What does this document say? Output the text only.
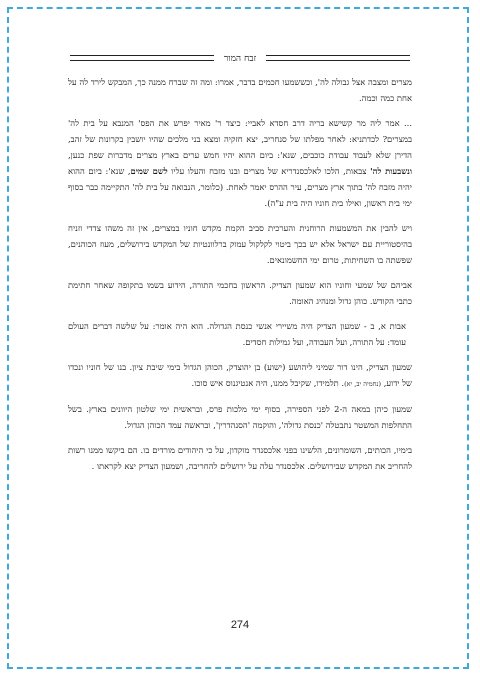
זבח המור

מצרים ומצבה אצל גבולה לה', וכששמעו חכמים בדבר, אמרו: ומה זה שברח ממנה כך, המבקש לירד לה על אחת כמה וכמה.

... אמר ליה מר קשישא בריה דרב חסדא לאביי: כיצד ר' מאיר יפרש את הפס' המנבא על בית לה' במצרים? לכדתניא: לאחר מפלתו של סנחריב, יצא חזקיה ומצא בני מלכים שהיו יושבין בקרונות של זהב, הדירן שלא לעבוד עבודת כוכבים, שנא': ביום ההוא יהיו חמש ערים בארץ מצרים מדברות שפת כנען, ונשבעות לה' צבאות, הלכו לאלכסנדריא של מצרים ובנו מזבח והעלו עליו לשם שמים, שנא': ביום ההוא יהיה מזבח לה' בתוך ארץ מצרים, עיר ההרס יאמר לאחת. (כלומר, הנבואה על בית לה' התקיימה כבר בסוף ימי בית ראשון, ואילו בית חוניו היה בית ע"ה).

ויש להבין את המשמעות הרוחנית והערכית סביב הקמת מקדש חוניו במצרים, אין זה משהו צדדי וזניח בהיסטוריית עם ישראל אלא יש בכך ביטוי לקלקול עמוק ברלוונטיות של המקדש בירושלים, מעוז הכוהנים, שפשתה בו השחיתות, טרום ימי החשמונאים.

אביהם של שמעי וחוניו הוא שמעון הצדיק. הראשון בחכמי התורה, הידוע בשמו בתקופה שאחר חתימת כתבי הקודש. כוהן גדול ומנהיג האומה.

אבות א, ב - שמעון הצדיק היה משיירי אנשי כנסת הגדולה. הוא היה אומר: על שלשה דברים העולם עומד: על התורה, ועל העבודה, ועל גמילות חסדים.

שמעון הצדיק, הינו דור שמיני ליהושע (ישוע) בן יהוצדק, הכוהן הגדול בימי שיבת ציון. בנו של חוניו ונכדו של ידוע, (נחמיה יב, יא). תלמידו, שקיבל ממנו, היה אנטיגנוס איש סוכו.

שמעון כיהן במאה ה-2 לפני הספירה, בסוף ימי מלכות פרס, ובראשית ימי שלטון היוונים בארץ. בשל התחלפות המשטר נתבטלה 'כנסת גדולה', והוקמה 'הסנהדרין', ובראשה עמד הכוהן הגדול.

בימיו, הכותים, השומרונים, הלשינו בפני אלכסנדר מוקדון, על כי היהודים מורדים בו. הם ביקשו ממנו רשות להחריב את המקדש שבירושלים. אלכסנדר עלה על ירושלים להחריבה, ושמעון הצדיק יצא לקראתו .

274
